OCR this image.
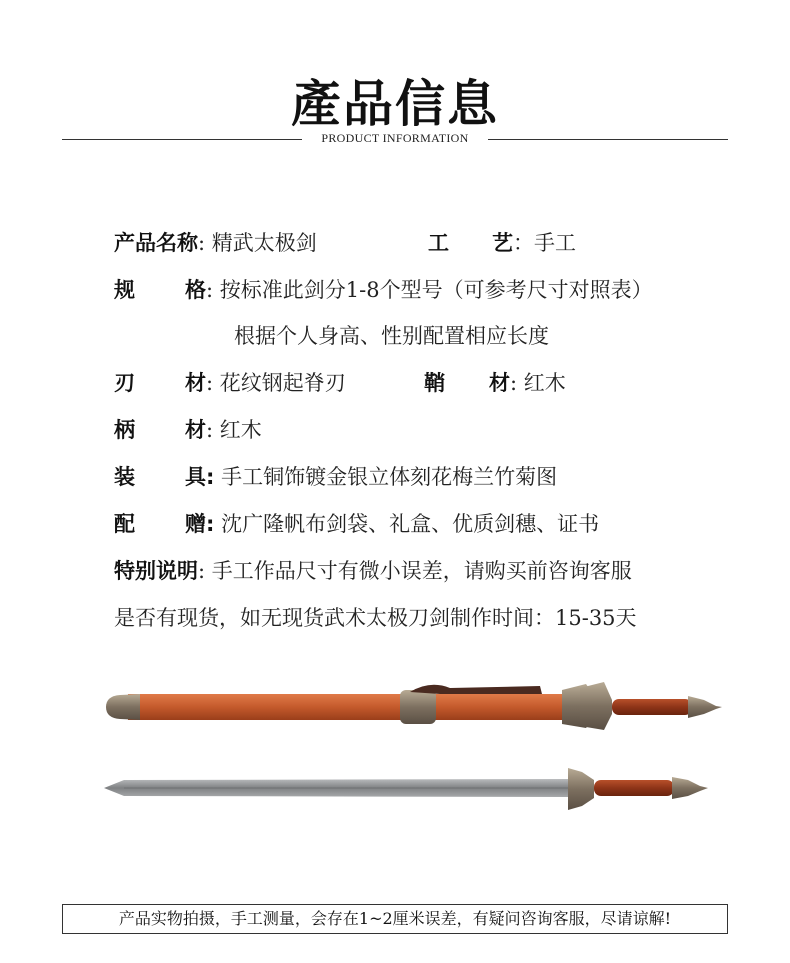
產品信息
PRODUCT INFORMATION
产品名称: 精武太极剑	工 艺：手工
规 格: 按标准此剑分1-8个型号（可参考尺寸对照表）
根据个人身高、性别配置相应长度
刃 材: 花纹钢起脊刃	鞘 材: 红木
柄 材: 红木
装 具: 手工铜饰镀金银立体刻花梅兰竹菊图
配 赠: 沈广隆帆布剑袋、礼盒、优质剑穗、证书
特别说明: 手工作品尺寸有微小误差，请购买前咨询客服
是否有现货，如无现货武术太极刀剑制作时间：15-35天
产品实物拍摄，手工测量，会存在1~2厘米误差，有疑问咨询客服，尽请谅解!
